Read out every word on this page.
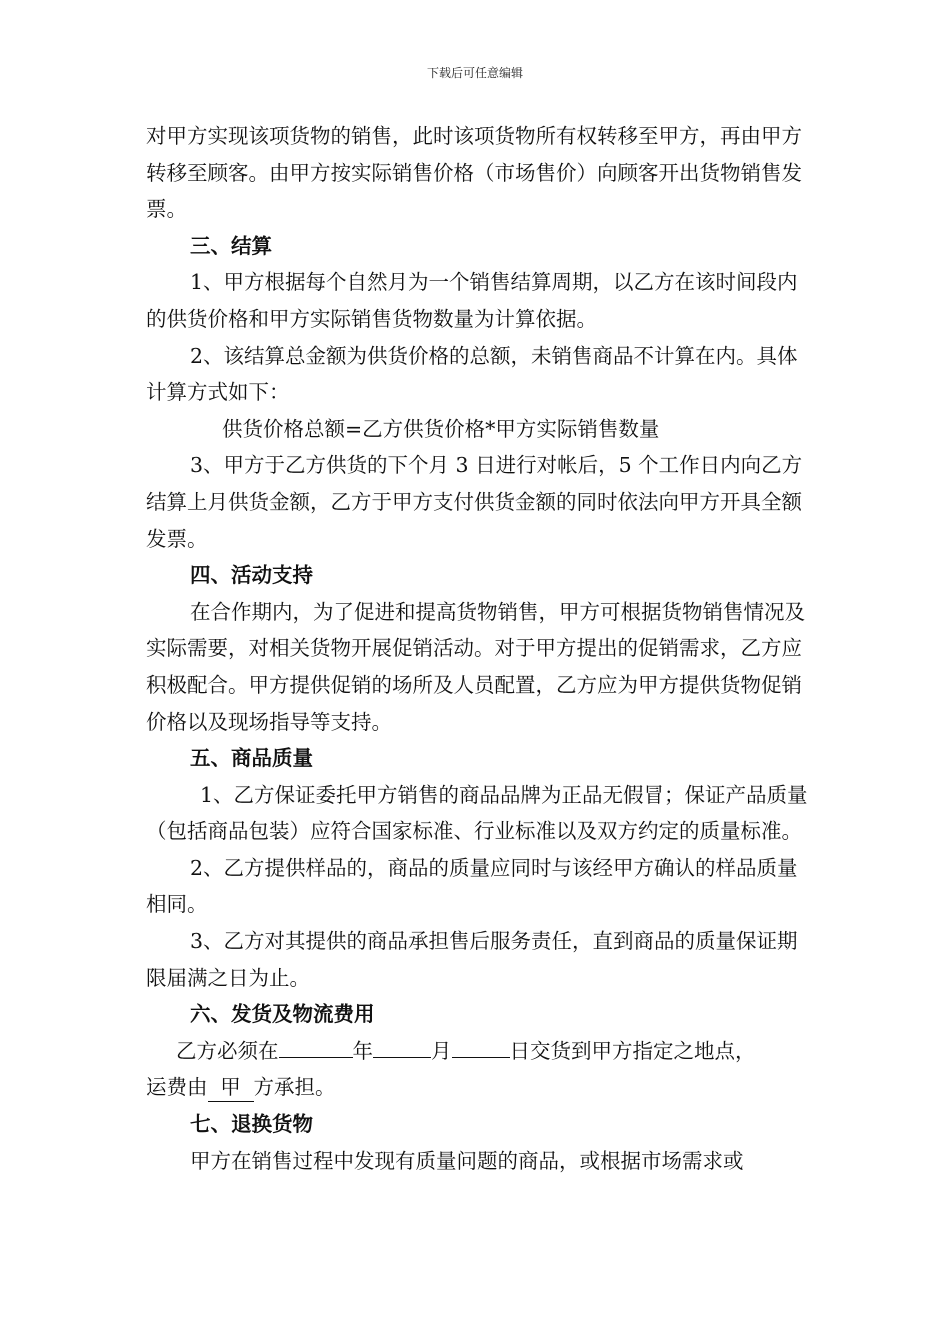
下载后可任意编辑

对甲方实现该项货物的销售，此时该项货物所有权转移至甲方，再由甲方转移至顾客。由甲方按实际销售价格（市场售价）向顾客开出货物销售发票。

三、结算

1、甲方根据每个自然月为一个销售结算周期，以乙方在该时间段内的供货价格和甲方实际销售货物数量为计算依据。

2、该结算总金额为供货价格的总额，未销售商品不计算在内。具体计算方式如下：

供货价格总额=乙方供货价格*甲方实际销售数量

3、甲方于乙方供货的下个月 3 日进行对帐后，5 个工作日内向乙方结算上月供货金额，乙方于甲方支付供货金额的同时依法向甲方开具全额发票。

四、活动支持

在合作期内，为了促进和提高货物销售，甲方可根据货物销售情况及实际需要，对相关货物开展促销活动。对于甲方提出的促销需求，乙方应积极配合。甲方提供促销的场所及人员配置，乙方应为甲方提供货物促销价格以及现场指导等支持。

五、商品质量

1、乙方保证委托甲方销售的商品品牌为正品无假冒；保证产品质量（包括商品包装）应符合国家标准、行业标准以及双方约定的质量标准。

2、乙方提供样品的，商品的质量应同时与该经甲方确认的样品质量相同。

3、乙方对其提供的商品承担售后服务责任，直到商品的质量保证期限届满之日为止。

六、发货及物流费用

乙方必须在	年	月	日交货到甲方指定之地点，

运费由 甲 方承担。

七、退换货物

甲方在销售过程中发现有质量问题的商品，或根据市场需求或
